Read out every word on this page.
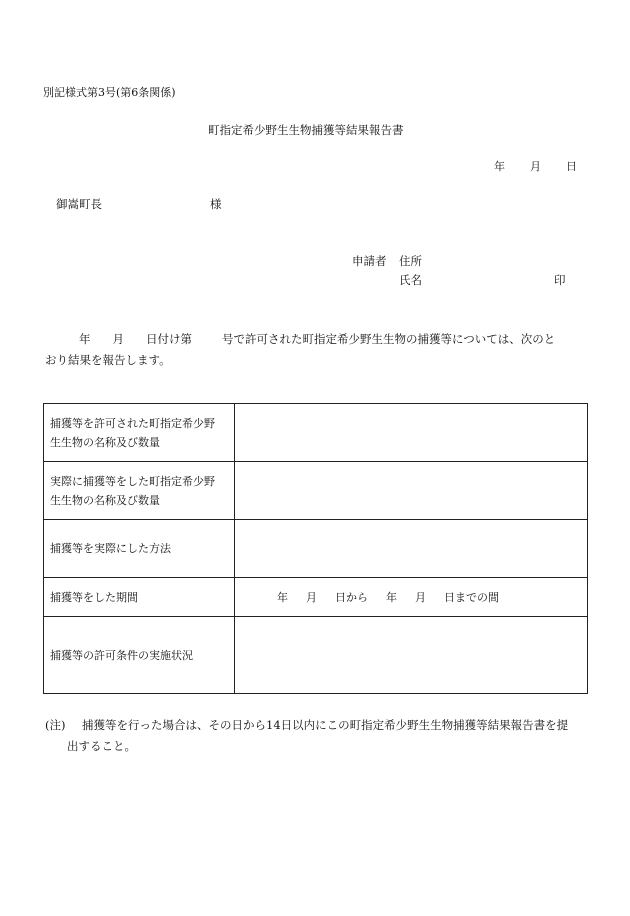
別記様式第3号(第6条関係)
町指定希少野生生物捕獲等結果報告書
年 月 日
御嵩町長	様
申請者 住所
氏名	印
年 月 日付け第	号で許可された町指定希少野生生物の捕獲等については、次のと
おり結果を報告します。
捕獲等を許可された町指定希少野
生生物の名称及び数量	
実際に捕獲等をした町指定希少野
生生物の名称及び数量	
捕獲等を実際にした方法	
捕獲等をした期間	年 月 日から 年 月 日までの間
捕獲等の許可条件の実施状況	
(注) 捕獲等を行った場合は、その日から14日以内にこの町指定希少野生生物捕獲等結果報告書を提
出すること。
